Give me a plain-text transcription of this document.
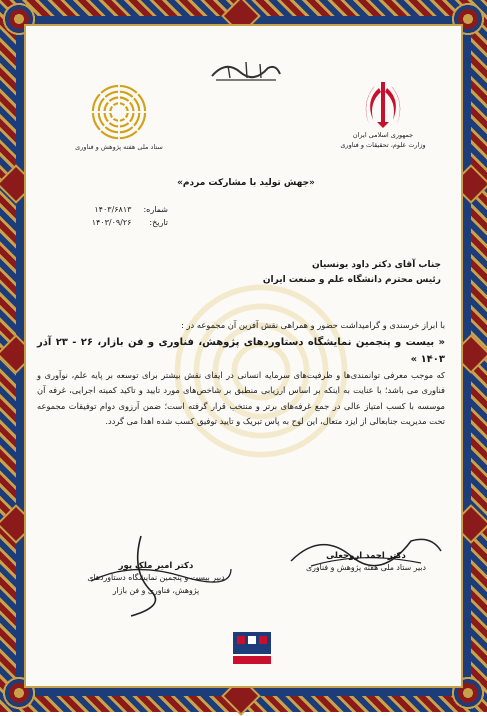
ستاد ملی هفته پژوهش و فناوری
جمهوری اسلامی ایران
وزارت علوم، تحقیقات و فناوری
«جهش تولید با مشارکت مردم»
شماره: ۱۴۰۳/۶۸۱۳
تاریخ: ۱۴۰۳/۰۹/۲۶
جناب آقای دکتر داود یونسیان
رئیس محترم دانشگاه علم و صنعت ایران

با ابراز خرسندی و گرامیداشت حضور و همراهی نقش آفرین آن مجموعه در :

« بیست و پنجمین نمایشگاه دستاوردهای پژوهش، فناوری و فن بازار، ۲۶ - ۲۳ آذر ۱۴۰۳ »

که موجب معرفی توانمندی‌ها و ظرفیت‌های سرمایه انسانی در ایفای نقش بیشتر برای توسعه بر پایه علم، نوآوری و فناوری می باشد؛ با عنایت به اینکه بر اساس ارزیابی منطبق بر شاخص‌های مورد تایید و تاکید کمیته اجرایی، غرفه آن موسسه با کسب امتیاز عالی در جمع غرفه‌های برتر و منتخب قرار گرفته است؛ ضمن آرزوی دوام توفیقات مجموعه تحت مدیریت جنابعالی از ایزد متعال، این لوح به پاس تبریک و تایید توفیق کسب شده اهدا می گردد.

دکتر احمد اروجعلی
دبیر ستاد ملی هفته پژوهش و فناوری
دکتر امیر ملک پور
دبیر بیست و پنجمین نمایشگاه دستاوردهای
پژوهش، فناوری و فن بازار
